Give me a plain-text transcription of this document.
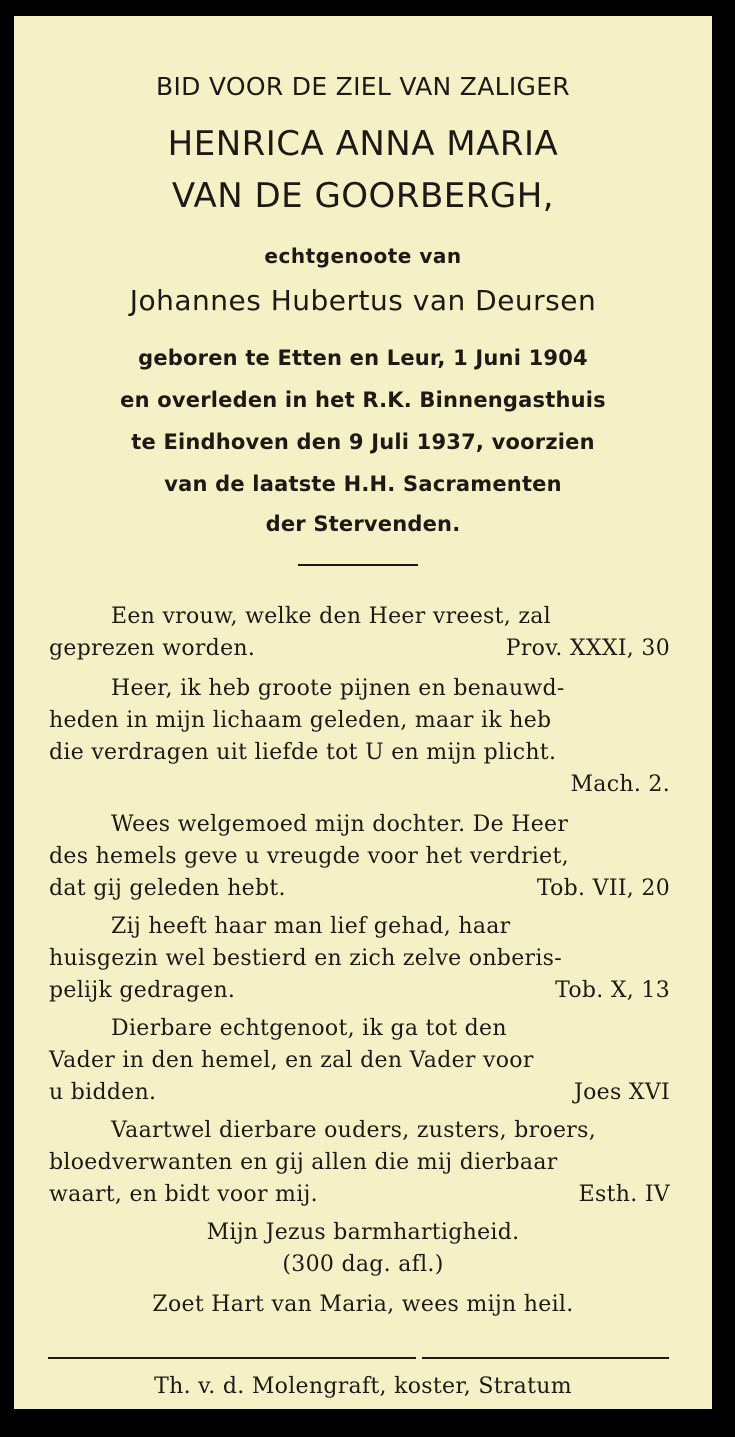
BID VOOR DE ZIEL VAN ZALIGER
HENRICA ANNA MARIA
VAN DE GOORBERGH,
echtgenoote van
Johannes Hubertus van Deursen
geboren te Etten en Leur, 1 Juni 1904
en overleden in het R.K. Binnengasthuis
te Eindhoven den 9 Juli 1937, voorzien
van de laatste H.H. Sacramenten
der Stervenden.
Een vrouw, welke den Heer vreest, zal
geprezen worden.	Prov. XXXI, 30
Heer, ik heb groote pijnen en benauwd-
heden in mijn lichaam geleden, maar ik heb
die verdragen uit liefde tot U en mijn plicht.
Mach. 2.
Wees welgemoed mijn dochter. De Heer
des hemels geve u vreugde voor het verdriet,
dat gij geleden hebt.	Tob. VII, 20
Zij heeft haar man lief gehad, haar
huisgezin wel bestierd en zich zelve onberis-
pelijk gedragen.	Tob. X, 13
Dierbare echtgenoot, ik ga tot den
Vader in den hemel, en zal den Vader voor
u bidden.	Joes XVI
Vaartwel dierbare ouders, zusters, broers,
bloedverwanten en gij allen die mij dierbaar
waart, en bidt voor mij.	Esth. IV
Mijn Jezus barmhartigheid.
(300 dag. afl.)
Zoet Hart van Maria, wees mijn heil.
Th. v. d. Molengraft, koster, Stratum
